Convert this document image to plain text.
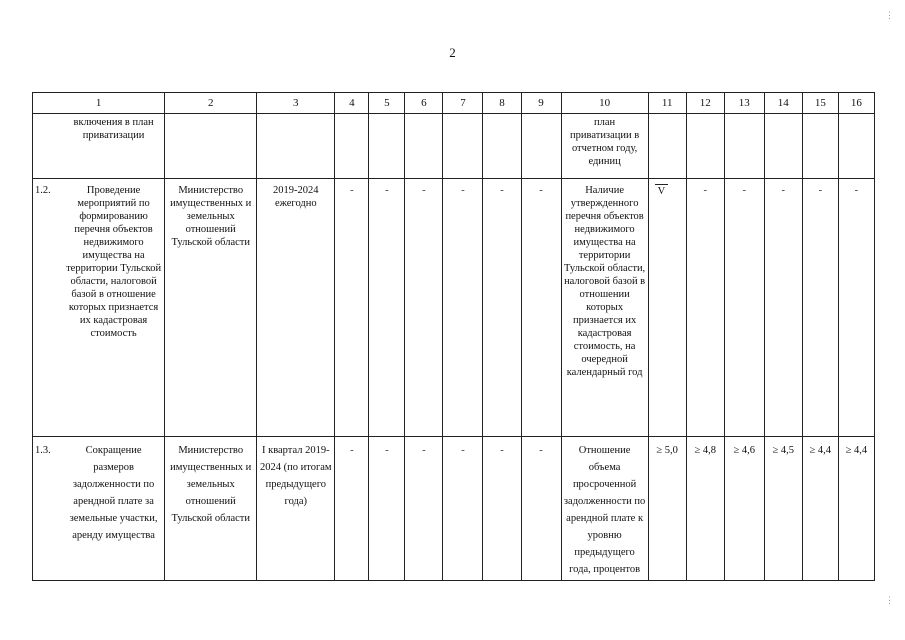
2
1	2	3	4	5	6	7	8	9	10	11	12	13	14	15	16

включения в план приватизации									план приватизации в отчетном году, единиц						

1.2. Проведение мероприятий по формированию перечня объектов недвижимого имущества на территории Тульской области, налоговой базой в отношение которых признается их кадастровая стоимость	Министерство имущественных и земельных отношений Тульской области	2019-2024 ежегодно	-	-	-	-	-	-	Наличие утвержденного перечня объектов недвижимого имущества на территории Тульской области, налоговой базой в отношении которых признается их кадастровая стоимость, на очередной календарный год	V	-	-	-	-	-

1.3. Сокращение размеров задолженности по арендной плате за земельные участки, аренду имущества	Министерство имущественных и земельных отношений Тульской области	I квартал 2019-2024 (по итогам предыдущего года)	-	-	-	-	-	-	Отношение объема просроченной задолженности по арендной плате к уровню предыдущего года, процентов	≥ 5,0	≥ 4,8	≥ 4,6	≥ 4,5	≥ 4,4	≥ 4,4
⋮
⋮
